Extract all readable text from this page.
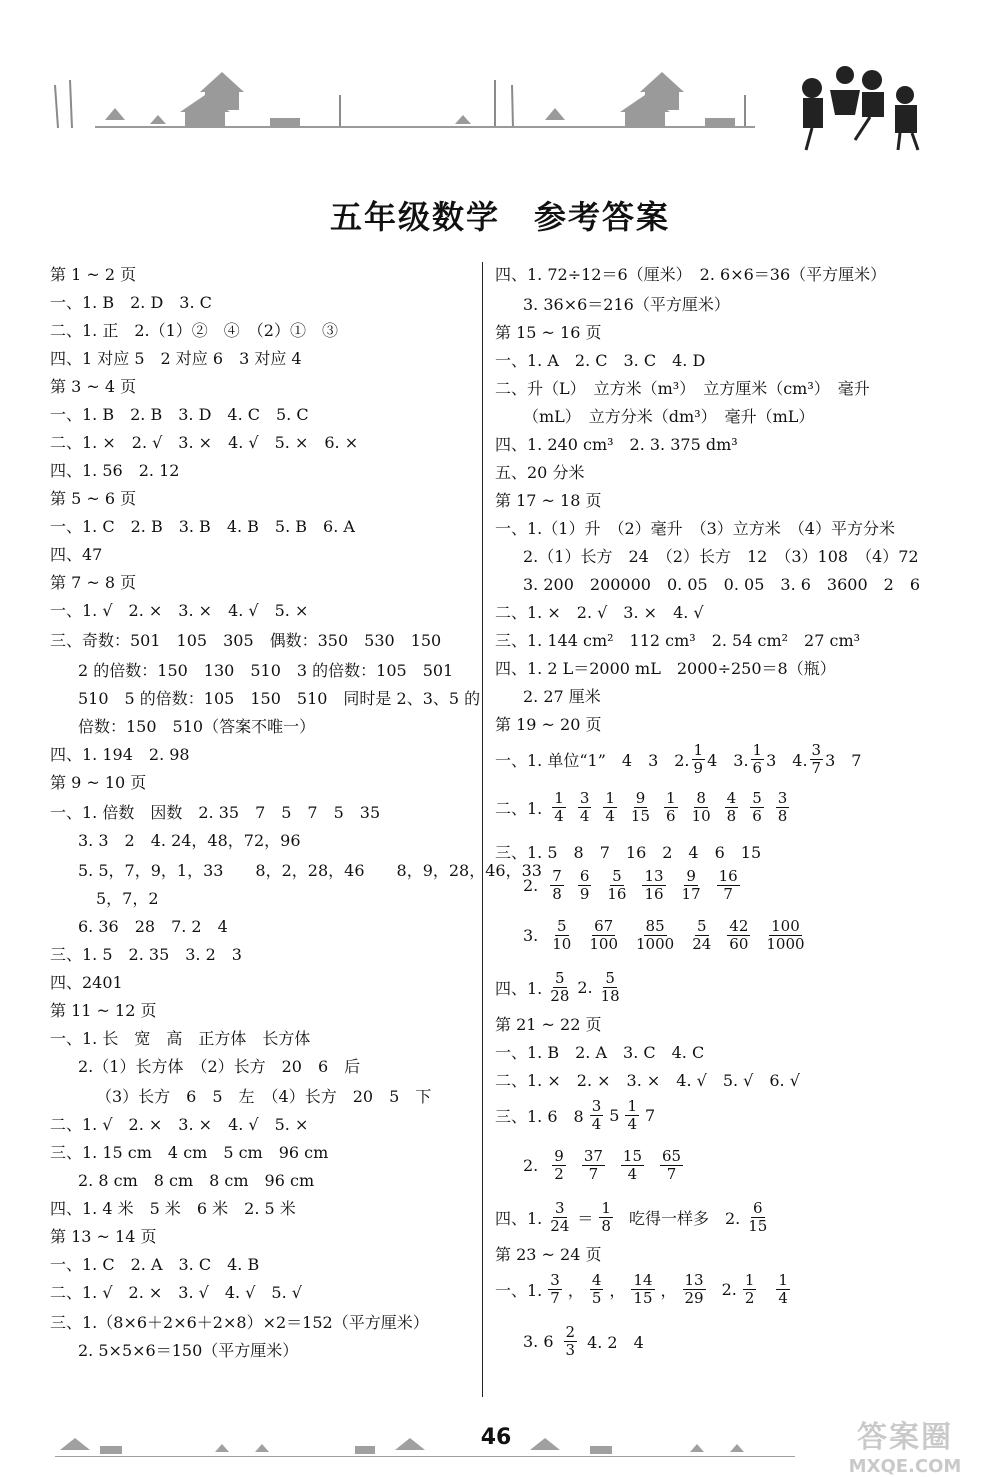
五年级数学　参考答案
第 1 ~ 2 页
一、1. B　2. D　3. C
二、1. 正　2.（1）②　④　（2）①　③
四、1 对应 5　2 对应 6　3 对应 4
第 3 ~ 4 页
一、1. B　2. B　3. D　4. C　5. C
二、1. ×　2. √　3. ×　4. √　5. ×　6. ×
四、1. 56　2. 12
第 5 ~ 6 页
一、1. C　2. B　3. B　4. B　5. B　6. A
四、47
第 7 ~ 8 页
一、1. √　2. ×　3. ×　4. √　5. ×
三、奇数：501　105　305　偶数：350　530　150
2 的倍数：150　130　510　3 的倍数：105　501
510　5 的倍数：105　150　510　同时是 2、3、5 的
倍数：150　510（答案不唯一）
四、1. 194　2. 98
第 9 ~ 10 页
一、1. 倍数　因数　2. 35　7　5　7　5　35
3. 3　2　4. 24，48，72，96
5. 5，7，9，1，33　　8，2，28，46　　8，9，28，46，33
5，7，2
6. 36　28　7. 2　4
三、1. 5　2. 35　3. 2　3
四、2401
第 11 ~ 12 页
一、1. 长　宽　高　正方体　长方体
2.（1）长方体　（2）长方　20　6　后
（3）长方　6　5　左　（4）长方　20　5　下
二、1. √　2. ×　3. ×　4. √　5. ×
三、1. 15 cm　4 cm　5 cm　96 cm
2. 8 cm　8 cm　8 cm　96 cm
四、1. 4 米　5 米　6 米　2. 5 米
第 13 ~ 14 页
一、1. C　2. A　3. C　4. B
二、1. √　2. ×　3. √　4. √　5. √
三、1.（8×6＋2×6＋2×8）×2＝152（平方厘米）
2. 5×5×6＝150（平方厘米）
四、1. 72÷12＝6（厘米）　2. 6×6＝36（平方厘米）
3. 36×6＝216（平方厘米）
第 15 ~ 16 页
一、1. A　2. C　3. C　4. D
二、升（L）　立方米（m³）　立方厘米（cm³）　毫升
（mL）　立方分米（dm³）　毫升（mL）
四、1. 240 cm³　2. 3. 375 dm³
五、20 分米
第 17 ~ 18 页
一、1.（1）升　（2）毫升　（3）立方米　（4）平方分米
2.（1）长方　24　（2）长方　12　（3）108　（4）72
3. 200　200000　0. 05　0. 05　3. 6　3600　2　6
二、1. ×　2. √　3. ×　4. √
三、1. 144 cm²　112 cm³　2. 54 cm²　27 cm³
四、1. 2 L＝2000 mL　2000÷250＝8（瓶）
2. 27 厘米
第 19 ~ 20 页
一、1. 单位“1”　4　3　2. $\frac{1}{9} 4$　3. $\frac{1}{6} 3$　4. $\frac{3}{7} 3$　7
二、1. $\frac{1}{4} \frac{3}{4} \frac{1}{4} \frac{9}{15} \frac{1}{6} \frac{8}{10} \frac{4}{8} \frac{5}{6} \frac{3}{8}$
三、1. 5　8　7　16　2　4　6　15
2. $\frac{7}{8} \frac{6}{9} \frac{5}{16} \frac{13}{16} \frac{9}{17} \frac{16}{7}$
3. $\frac{5}{10} \frac{67}{100} \frac{85}{1000} \frac{5}{24} \frac{42}{60} \frac{100}{1000}$
四、1. $\frac{5}{28} 2$. $\frac{5}{18}$
第 21 ~ 22 页
一、1. B　2. A　3. C　4. C
二、1. ×　2. ×　3. ×　4. √　5. √　6. √
三、1. 6　$8 \frac{3}{4} 5 \frac{1}{4} 7$
2. $\frac{9}{2} \frac{37}{7} \frac{15}{4} \frac{65}{7}$
四、1. $\frac{3}{24} = \frac{1}{8}$ 吃得一样多　2. $\frac{6}{15}$
第 23 ~ 24 页
一、1. $\frac{3}{7}$ ， $\frac{4}{5}$ ， $\frac{14}{15}$ ， $\frac{13}{29} 2$. $\frac{1}{2} \frac{1}{4}$
3. $6 \frac{2}{3} 4$. 2　4
46	答案圈
MXQE.COM
